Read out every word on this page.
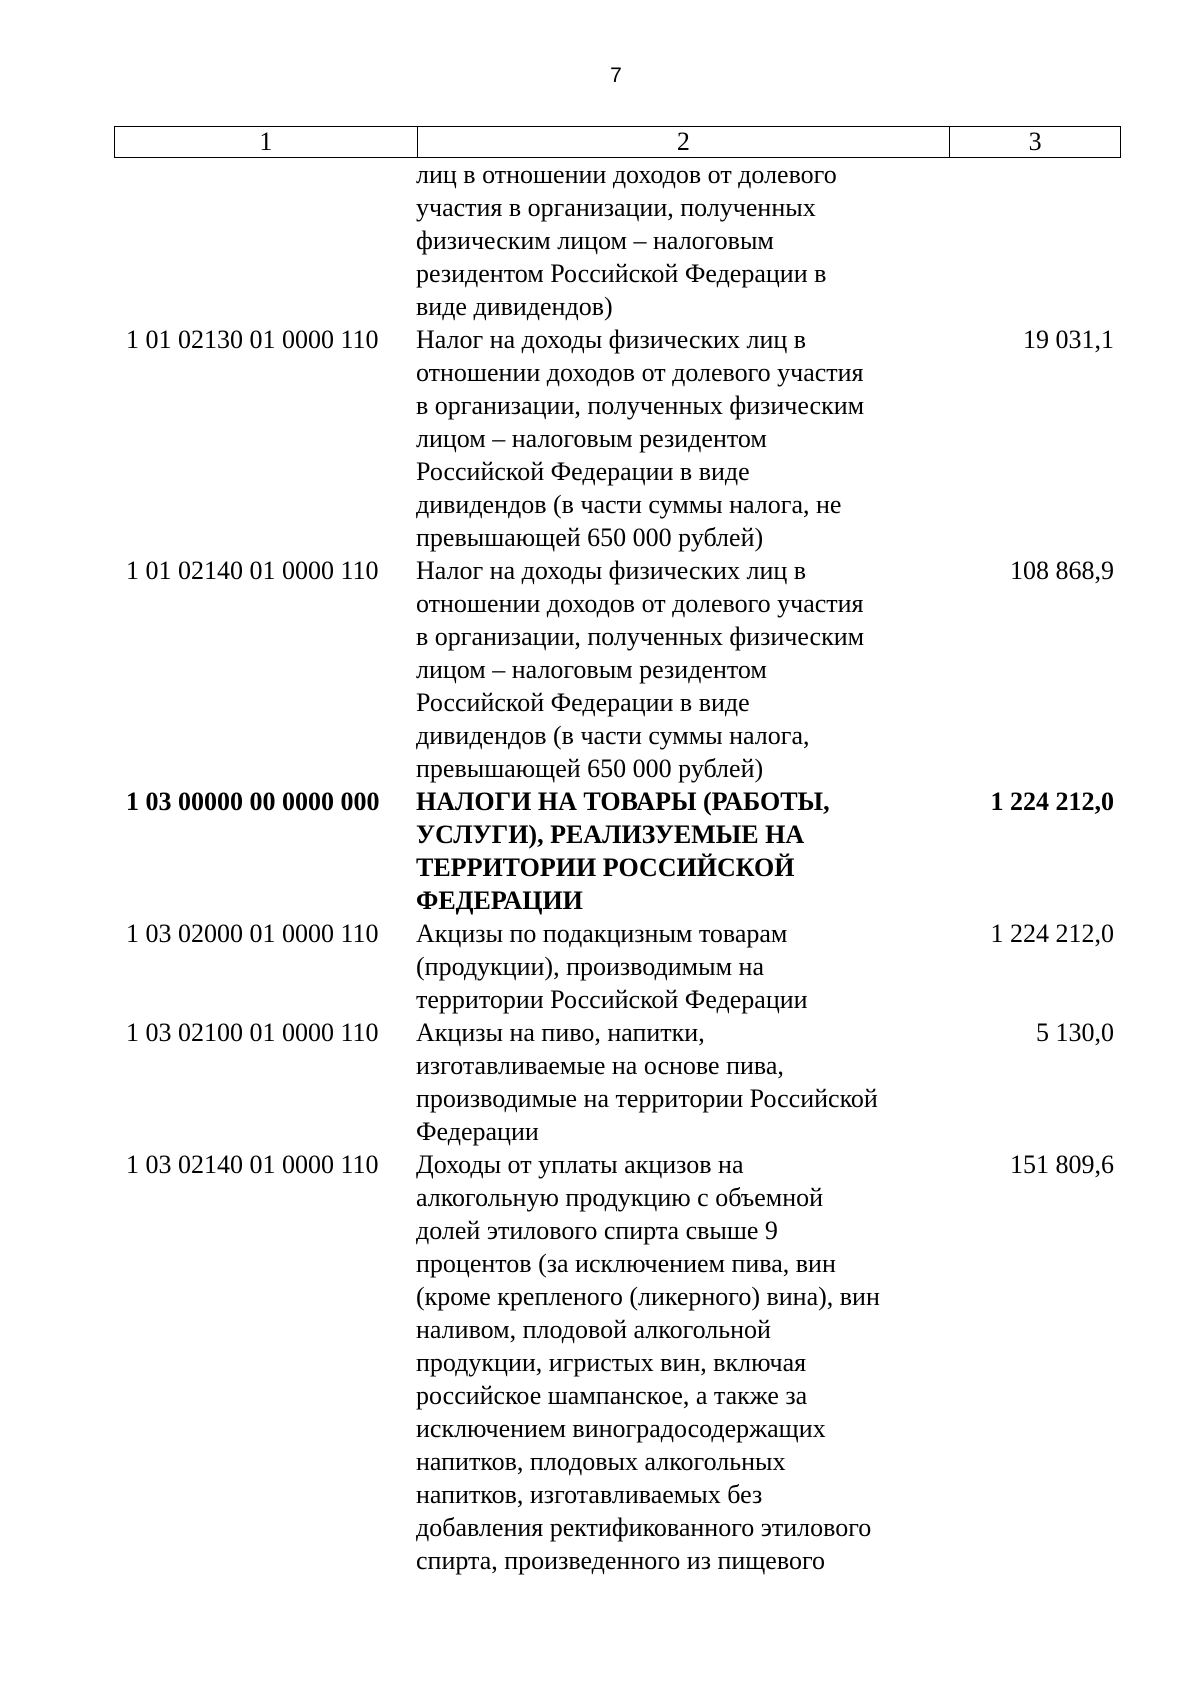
7
1	2	3
лиц в отношении доходов от долевого
участия в организации, полученных
физическим лицом – налоговым
резидентом Российской Федерации в
виде дивидендов)
1 01 02130 01 0000 110	Налог на доходы физических лиц в
отношении доходов от долевого участия
в организации, полученных физическим
лицом – налоговым резидентом
Российской Федерации в виде
дивидендов (в части суммы налога, не
превышающей 650 000 рублей)
19 031,1
1 01 02140 01 0000 110	Налог на доходы физических лиц в
отношении доходов от долевого участия
в организации, полученных физическим
лицом – налоговым резидентом
Российской Федерации в виде
дивидендов (в части суммы налога,
превышающей 650 000 рублей)
108 868,9
1 03 00000 00 0000 000	НАЛОГИ НА ТОВАРЫ (РАБОТЫ,
УСЛУГИ), РЕАЛИЗУЕМЫЕ НА
ТЕРРИТОРИИ РОССИЙСКОЙ
ФЕДЕРАЦИИ
1 224 212,0
1 03 02000 01 0000 110	Акцизы по подакцизным товарам
(продукции), производимым на
территории Российской Федерации
1 224 212,0
1 03 02100 01 0000 110	Акцизы на пиво, напитки,
изготавливаемые на основе пива,
производимые на территории Российской
Федерации
5 130,0
1 03 02140 01 0000 110	Доходы от уплаты акцизов на
алкогольную продукцию с объемной
долей этилового спирта свыше 9
процентов (за исключением пива, вин
(кроме крепленого (ликерного) вина), вин
наливом, плодовой алкогольной
продукции, игристых вин, включая
российское шампанское, а также за
исключением виноградосодержащих
напитков, плодовых алкогольных
напитков, изготавливаемых без
добавления ректификованного этилового
спирта, произведенного из пищевого
151 809,6
